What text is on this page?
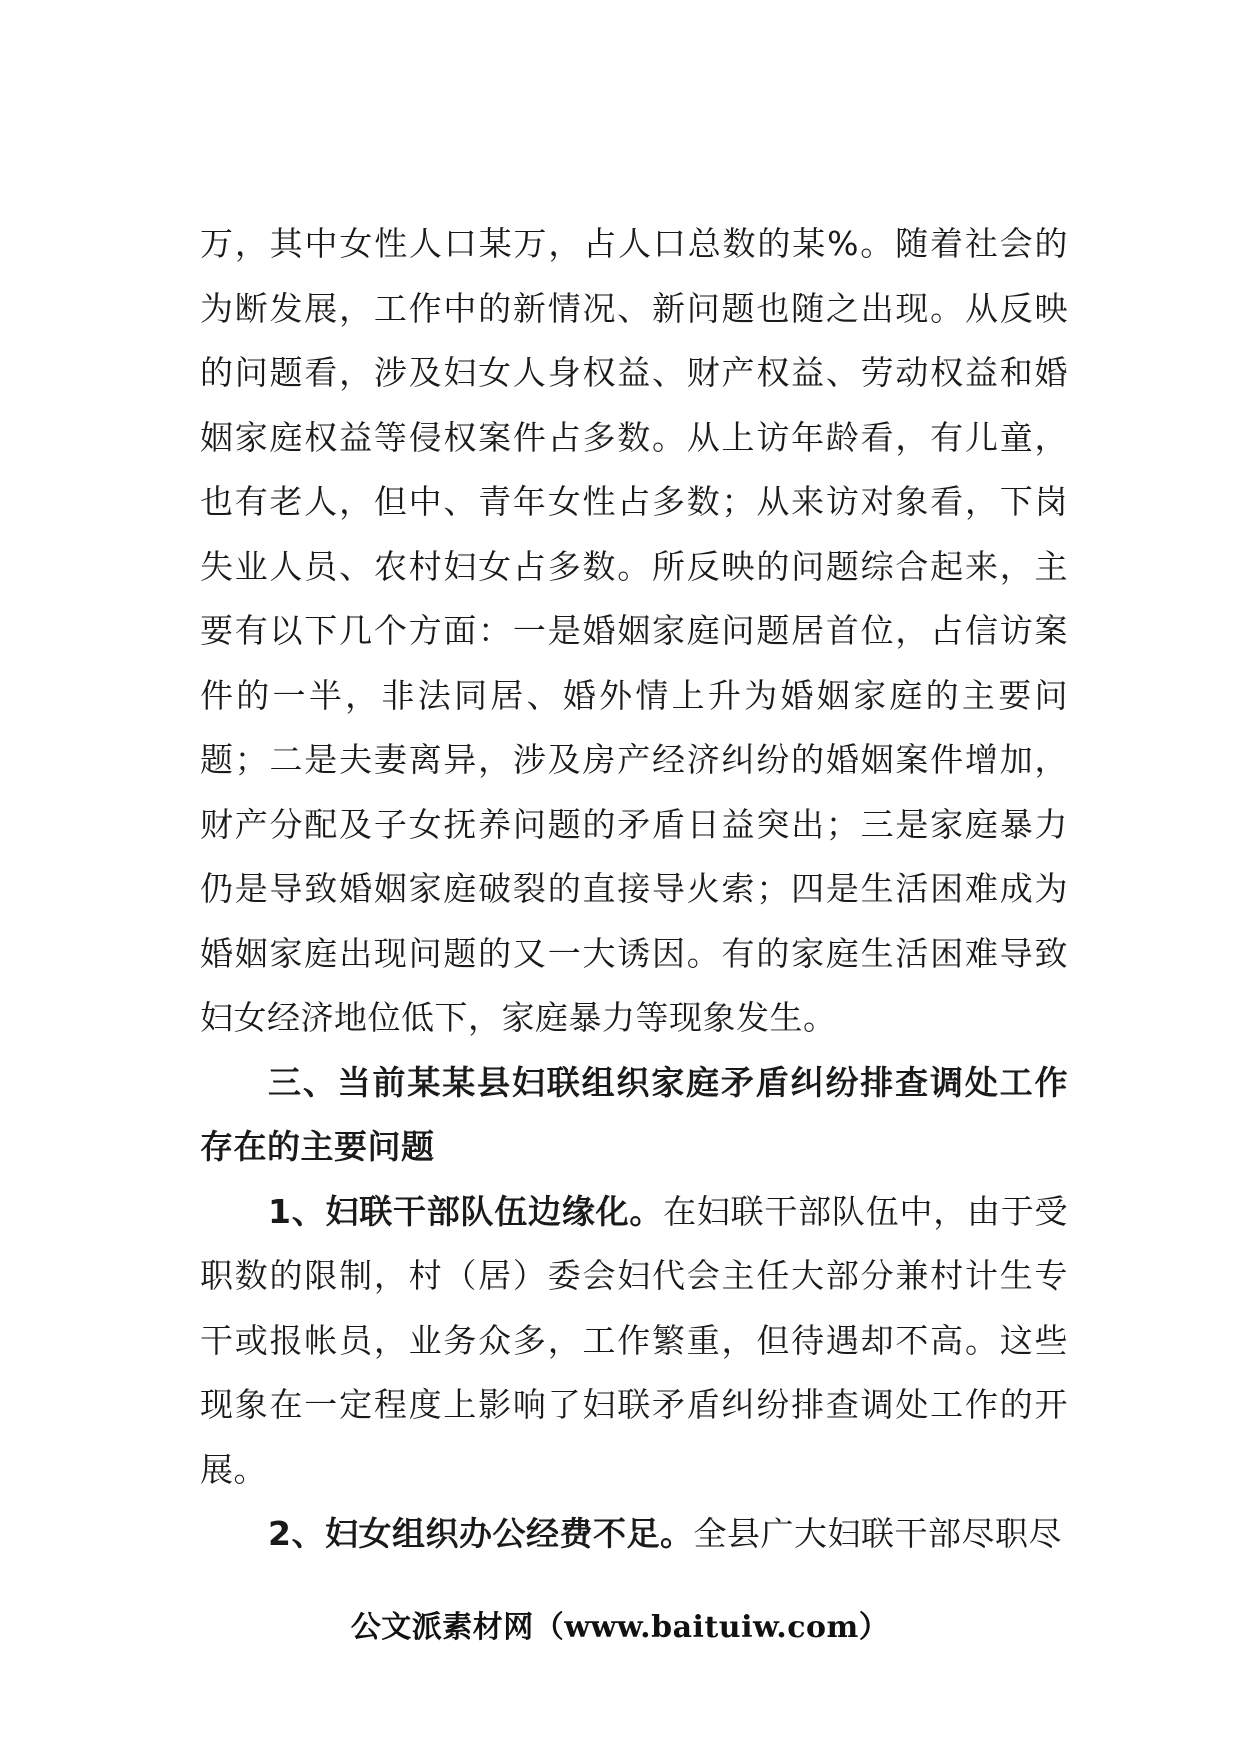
万，其中女性人口某万，占人口总数的某%。随着社会的为断发展，工作中的新情况、新问题也随之出现。从反映的问题看，涉及妇女人身权益、财产权益、劳动权益和婚姻家庭权益等侵权案件占多数。从上访年龄看，有儿童，也有老人，但中、青年女性占多数；从来访对象看，下岗失业人员、农村妇女占多数。所反映的问题综合起来，主要有以下几个方面：一是婚姻家庭问题居首位，占信访案件的一半，非法同居、婚外情上升为婚姻家庭的主要问题；二是夫妻离异，涉及房产经济纠纷的婚姻案件增加，财产分配及子女抚养问题的矛盾日益突出；三是家庭暴力仍是导致婚姻家庭破裂的直接导火索；四是生活困难成为婚姻家庭出现问题的又一大诱因。有的家庭生活困难导致妇女经济地位低下，家庭暴力等现象发生。

三、当前某某县妇联组织家庭矛盾纠纷排查调处工作存在的主要问题

1、妇联干部队伍边缘化。在妇联干部队伍中，由于受职数的限制，村（居）委会妇代会主任大部分兼村计生专干或报帐员，业务众多，工作繁重，但待遇却不高。这些现象在一定程度上影响了妇联矛盾纠纷排查调处工作的开展。

2、妇女组织办公经费不足。全县广大妇联干部尽职尽

公文派素材网（www.baituiw.com）
